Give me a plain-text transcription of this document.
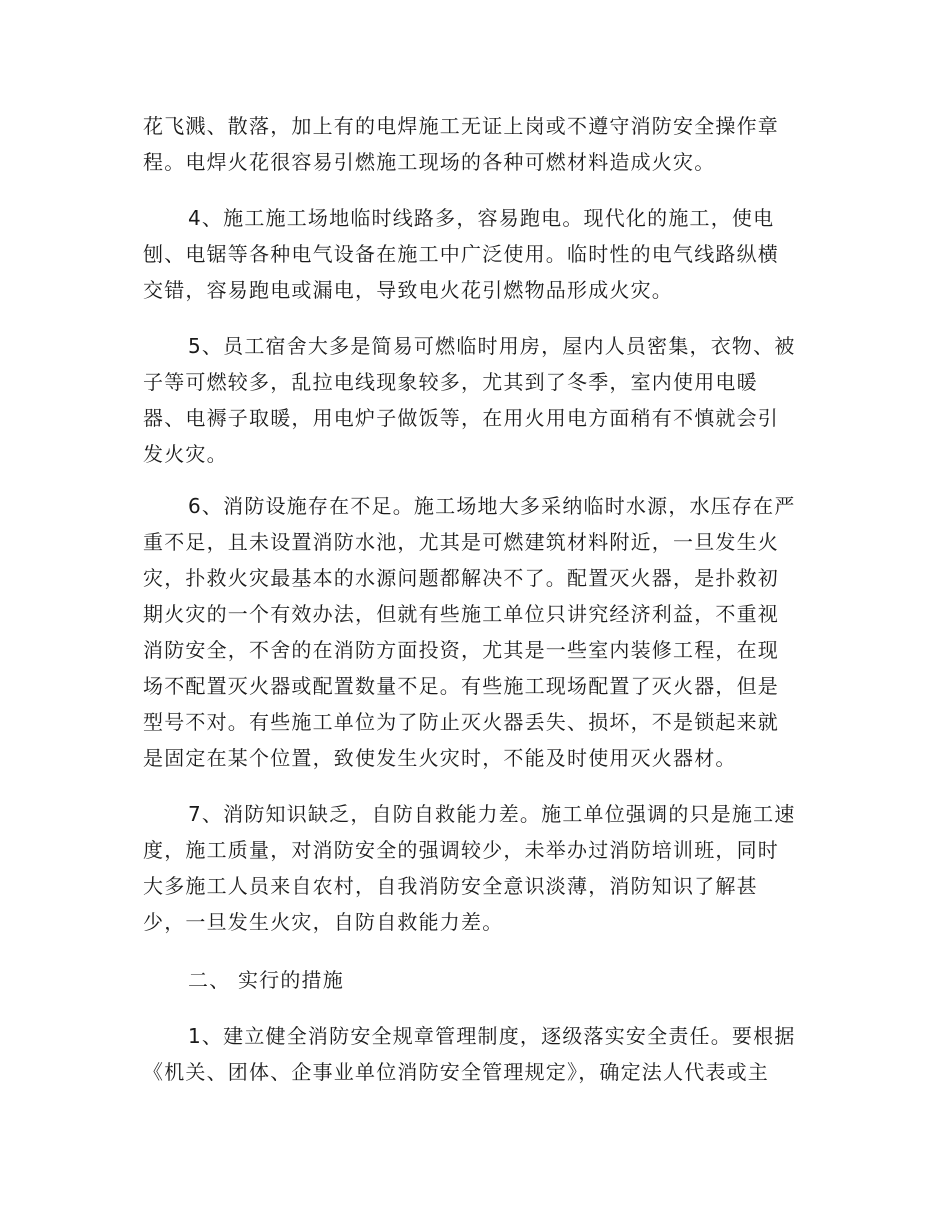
花飞溅、散落，加上有的电焊施工无证上岗或不遵守消防安全操作章
程。电焊火花很容易引燃施工现场的各种可燃材料造成火灾。
4、施工施工场地临时线路多，容易跑电。现代化的施工，使电
刨、电锯等各种电气设备在施工中广泛使用。临时性的电气线路纵横
交错，容易跑电或漏电，导致电火花引燃物品形成火灾。
5、员工宿舍大多是简易可燃临时用房，屋内人员密集，衣物、被
子等可燃较多，乱拉电线现象较多，尤其到了冬季，室内使用电暖
器、电褥子取暖，用电炉子做饭等，在用火用电方面稍有不慎就会引
发火灾。
6、消防设施存在不足。施工场地大多采纳临时水源，水压存在严
重不足，且未设置消防水池，尤其是可燃建筑材料附近，一旦发生火
灾，扑救火灾最基本的水源问题都解决不了。配置灭火器，是扑救初
期火灾的一个有效办法，但就有些施工单位只讲究经济利益，不重视
消防安全，不舍的在消防方面投资，尤其是一些室内装修工程，在现
场不配置灭火器或配置数量不足。有些施工现场配置了灭火器，但是
型号不对。有些施工单位为了防止灭火器丢失、损坏，不是锁起来就
是固定在某个位置，致使发生火灾时，不能及时使用灭火器材。
7、消防知识缺乏，自防自救能力差。施工单位强调的只是施工速
度，施工质量，对消防安全的强调较少，未举办过消防培训班，同时
大多施工人员来自农村，自我消防安全意识淡薄，消防知识了解甚
少，一旦发生火灾，自防自救能力差。
二、 实行的措施
1、建立健全消防安全规章管理制度，逐级落实安全责任。要根据
《机关、团体、企事业单位消防安全管理规定》，确定法人代表或主
